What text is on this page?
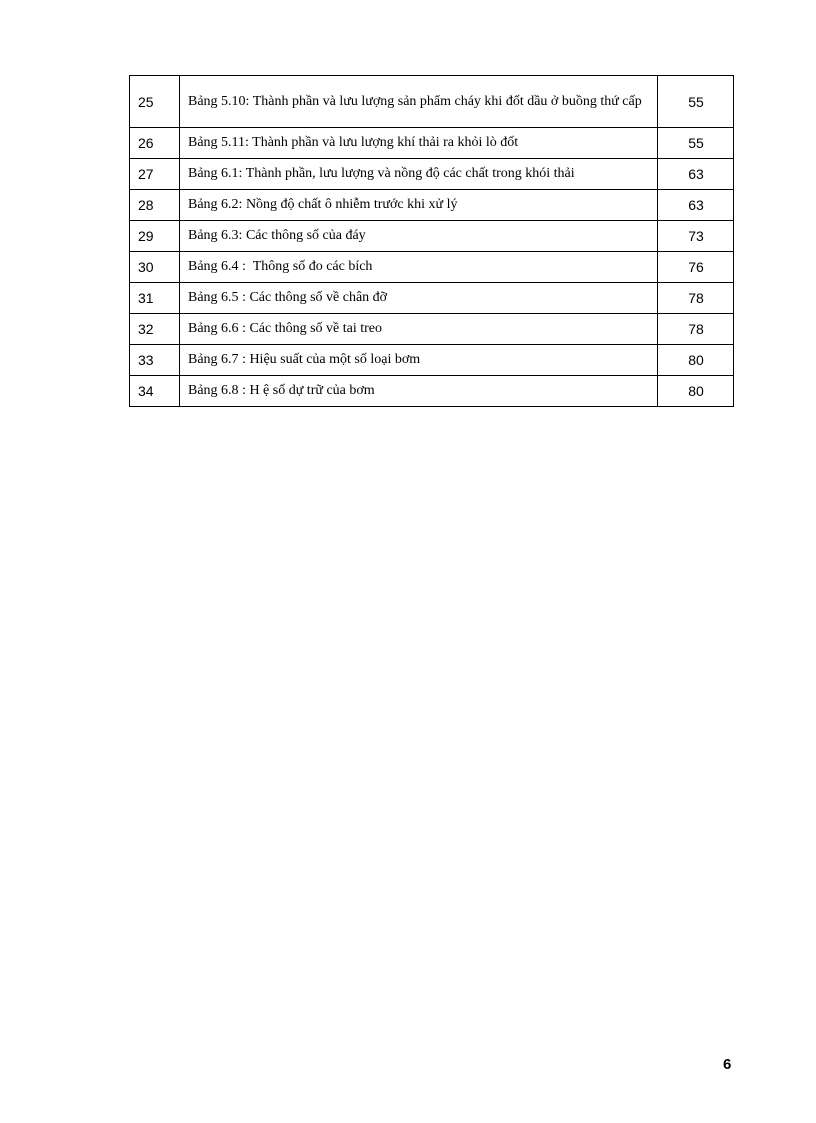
25	Bảng 5.10: Thành phần và lưu lượng sản phẩm cháy khi đốt dầu ở buồng thứ cấp	55
26	Bảng 5.11: Thành phần và lưu lượng khí thải ra khỏi lò đốt	55
27	Bảng 6.1: Thành phần, lưu lượng và nồng độ các chất trong khói thải	63
28	Bảng 6.2: Nồng độ chất ô nhiễm trước khi xử lý	63
29	Bảng 6.3: Các thông số của đáy	73
30	Bảng 6.4 :  Thông số đo các bích	76
31	Bảng 6.5 : Các thông số về chân đỡ	78
32	Bảng 6.6 : Các thông số về tai treo	78
33	Bảng 6.7 : Hiệu suất của một số loại bơm	80
34	Bảng 6.8 : H ệ số dự trữ của bơm	80
6
